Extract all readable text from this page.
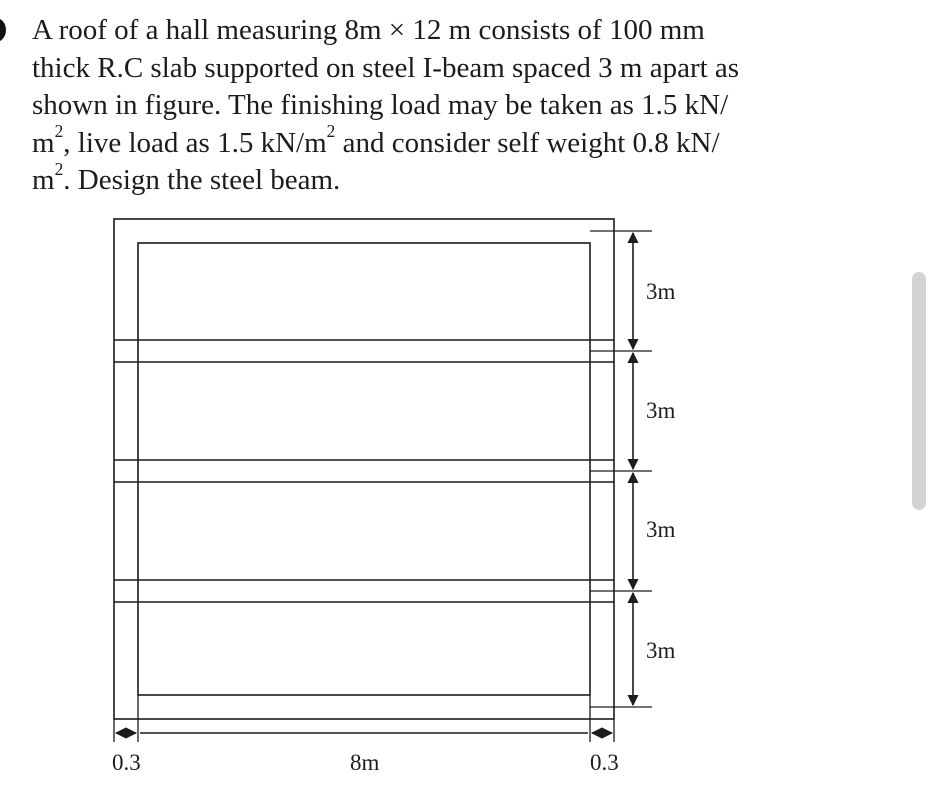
A roof of a hall measuring 8m × 12 m consists of 100 mm
thick R.C slab supported on steel I-beam spaced 3 m apart as
shown in figure. The finishing load may be taken as 1.5 kN/
$m^2$, live load as 1.5 $kN/m^2$ and consider self weight 0.8 kN/
$m^2$. Design the steel beam.

3m
3m
3m
3m
0.3	8m	0.3
